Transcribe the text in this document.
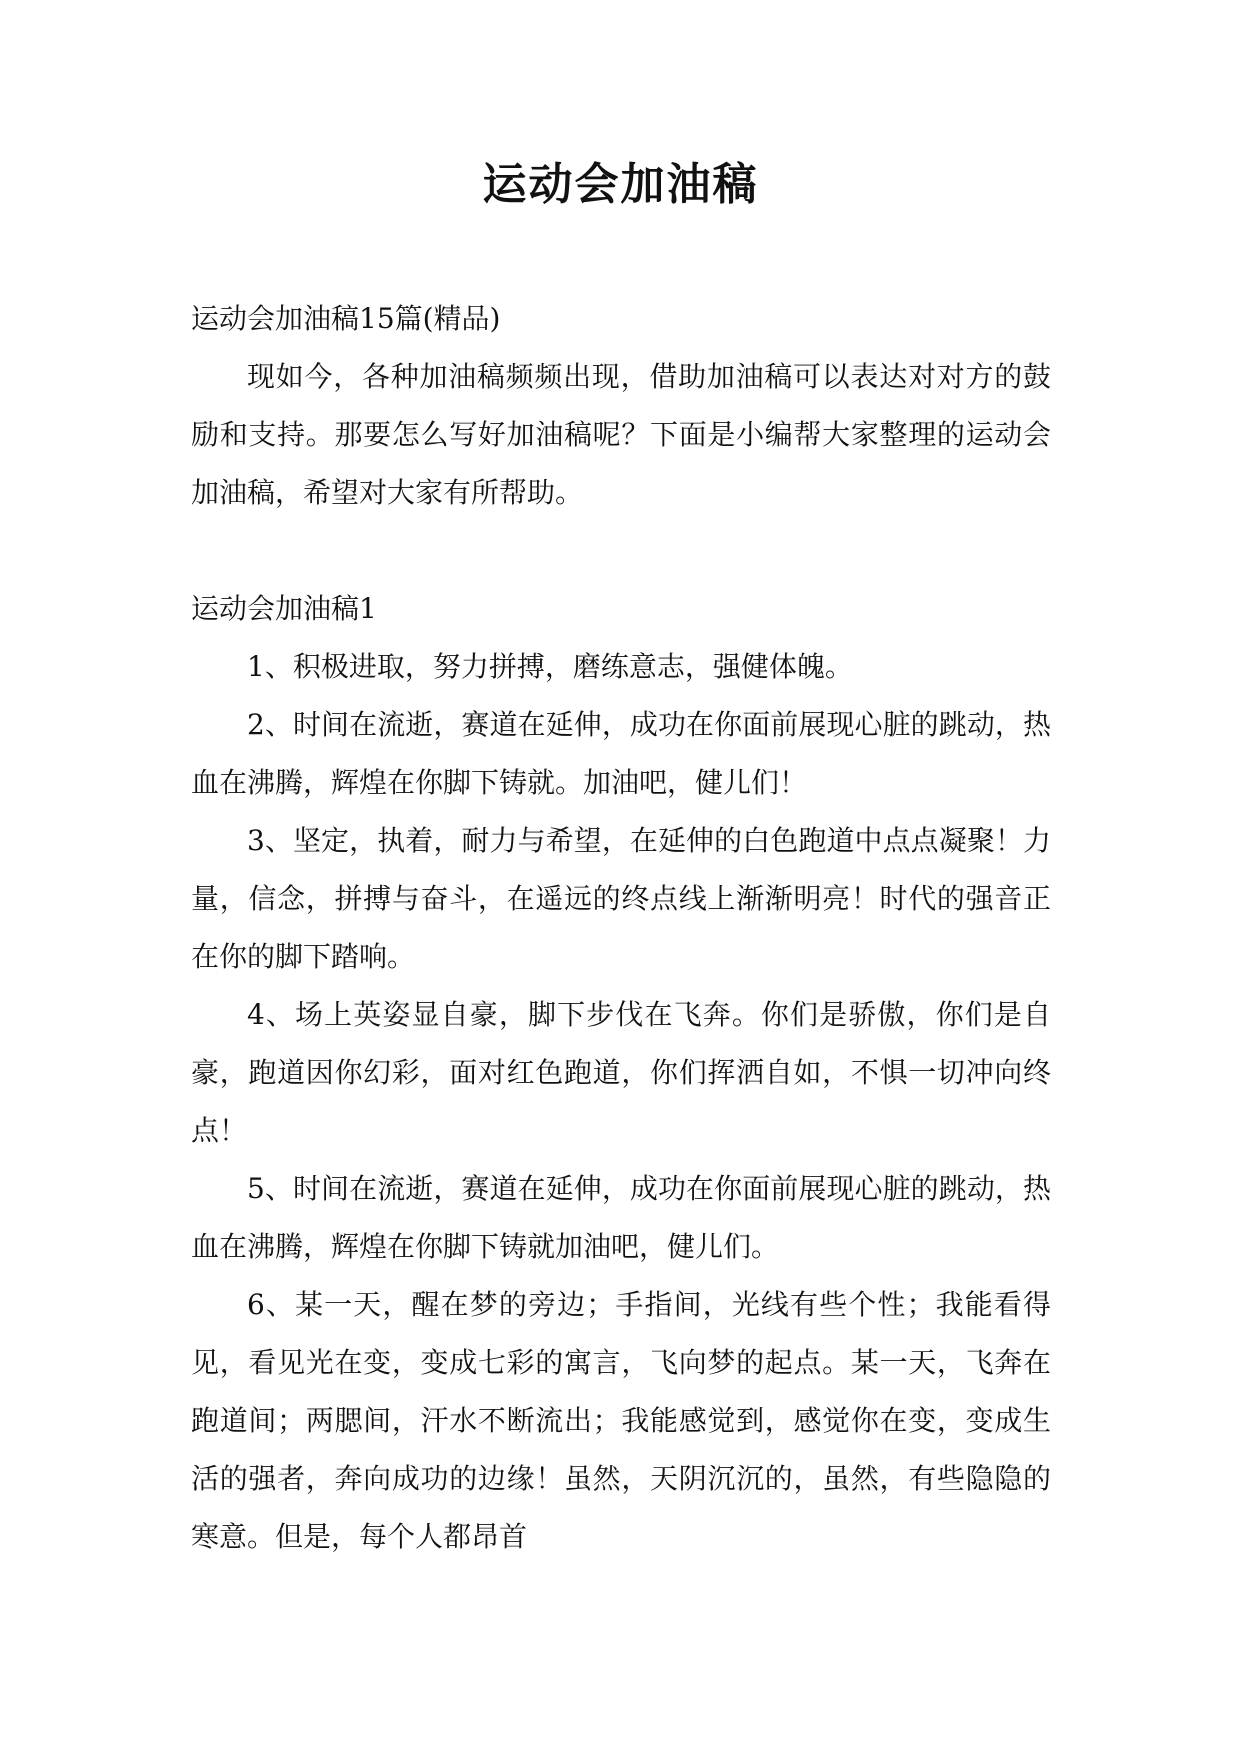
运动会加油稿

运动会加油稿15篇(精品)

现如今，各种加油稿频频出现，借助加油稿可以表达对对方的鼓励和支持。那要怎么写好加油稿呢？下面是小编帮大家整理的运动会加油稿，希望对大家有所帮助。

运动会加油稿1

1、积极进取，努力拼搏，磨练意志，强健体魄。

2、时间在流逝，赛道在延伸，成功在你面前展现心脏的跳动，热血在沸腾，辉煌在你脚下铸就。加油吧，健儿们！

3、坚定，执着，耐力与希望，在延伸的白色跑道中点点凝聚！力量，信念，拼搏与奋斗，在遥远的终点线上渐渐明亮！时代的强音正在你的脚下踏响。

4、场上英姿显自豪，脚下步伐在飞奔。你们是骄傲，你们是自豪，跑道因你幻彩，面对红色跑道，你们挥洒自如，不惧一切冲向终点！

5、时间在流逝，赛道在延伸，成功在你面前展现心脏的跳动，热血在沸腾，辉煌在你脚下铸就加油吧，健儿们。

6、某一天，醒在梦的旁边；手指间，光线有些个性；我能看得见，看见光在变，变成七彩的寓言，飞向梦的起点。某一天，飞奔在跑道间；两腮间，汗水不断流出；我能感觉到，感觉你在变，变成生活的强者，奔向成功的边缘！虽然，天阴沉沉的，虽然，有些隐隐的寒意。但是，每个人都昂首
